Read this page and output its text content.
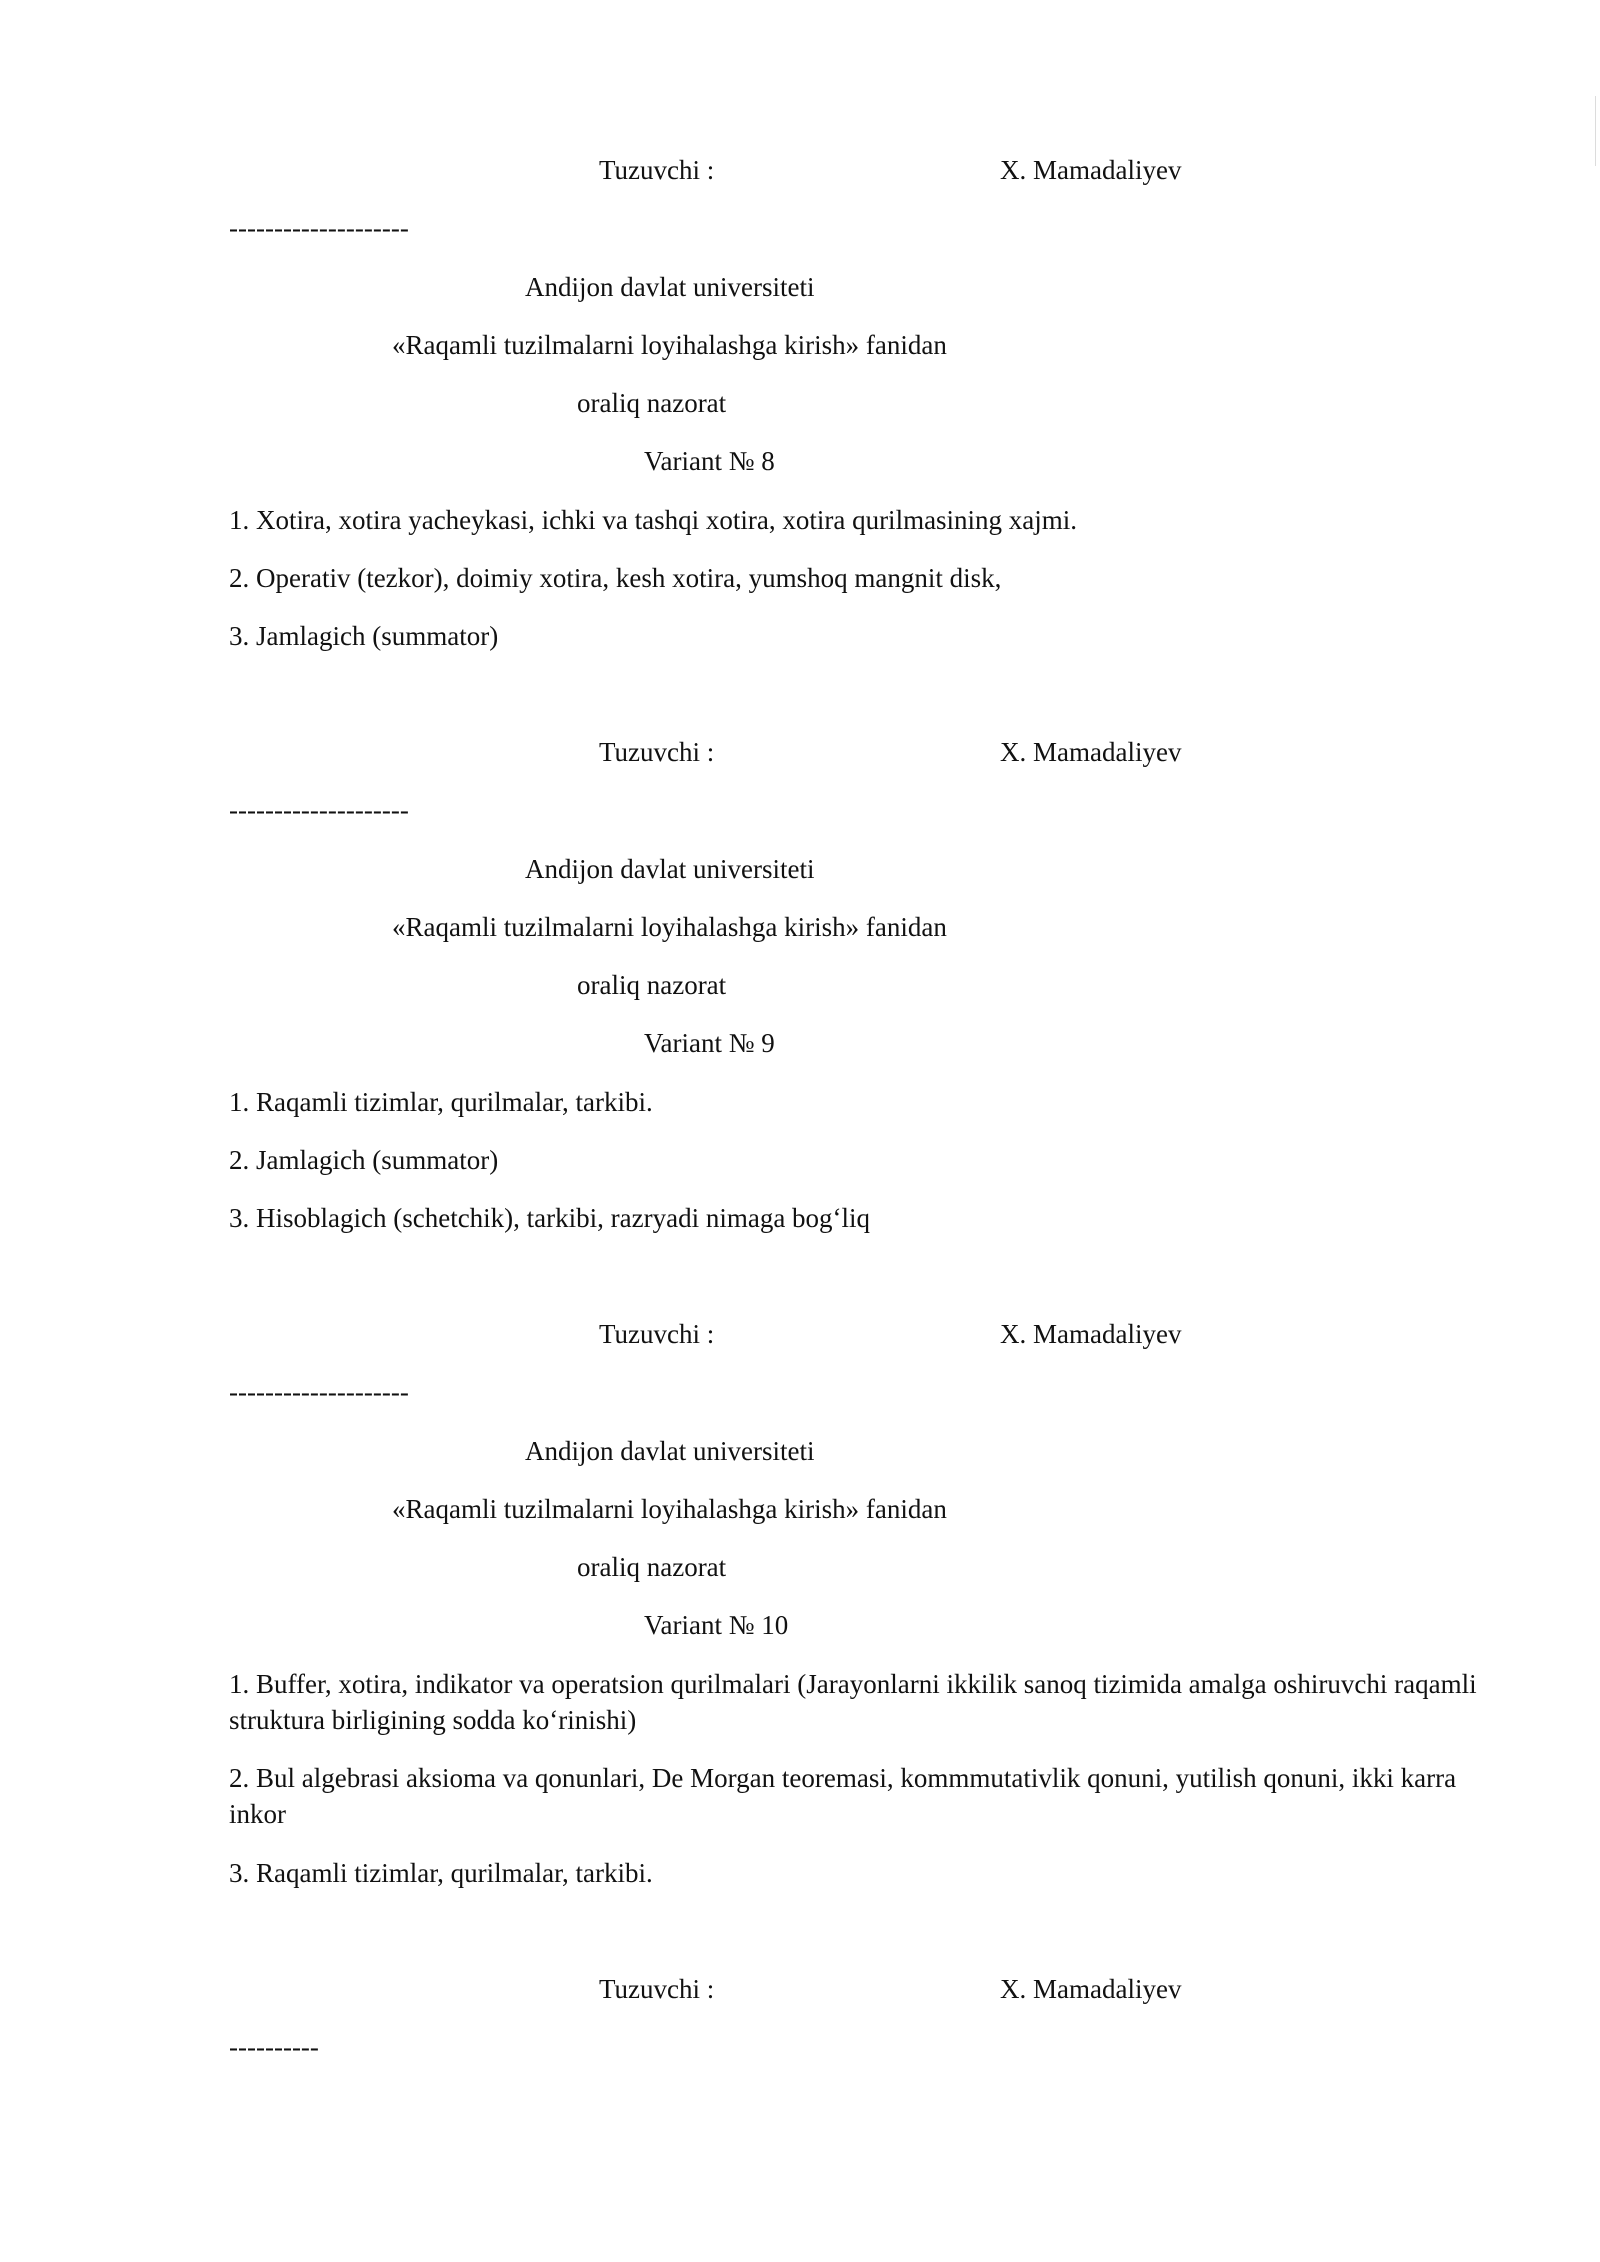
Tuzuvchi :	X. Mamadaliyev
--------------------
Andijon davlat universiteti
«Raqamli tuzilmalarni loyihalashga kirish» fanidan
oraliq nazorat
Variant № 8
1. Xotira, xotira yacheykasi, ichki va tashqi xotira, xotira qurilmasining xajmi.
2. Operativ (tezkor), doimiy xotira, kesh xotira, yumshoq mangnit disk,
3. Jamlagich (summator)
Tuzuvchi :	X. Mamadaliyev
--------------------
Andijon davlat universiteti
«Raqamli tuzilmalarni loyihalashga kirish» fanidan
oraliq nazorat
Variant № 9
1. Raqamli tizimlar, qurilmalar, tarkibi.
2. Jamlagich (summator)
3. Hisoblagich (schetchik), tarkibi, razryadi nimaga bog‘liq
Tuzuvchi :	X. Mamadaliyev
--------------------
Andijon davlat universiteti
«Raqamli tuzilmalarni loyihalashga kirish» fanidan
oraliq nazorat
Variant № 10
1. Buffer, xotira, indikator va operatsion qurilmalari (Jarayonlarni ikkilik sanoq tizimida amalga oshiruvchi raqamli struktura birligining sodda ko‘rinishi)
2. Bul algebrasi aksioma va qonunlari, De Morgan teoremasi, kommmutativlik qonuni, yutilish qonuni, ikki karra inkor
3. Raqamli tizimlar, qurilmalar, tarkibi.
Tuzuvchi :	X. Mamadaliyev
----------
